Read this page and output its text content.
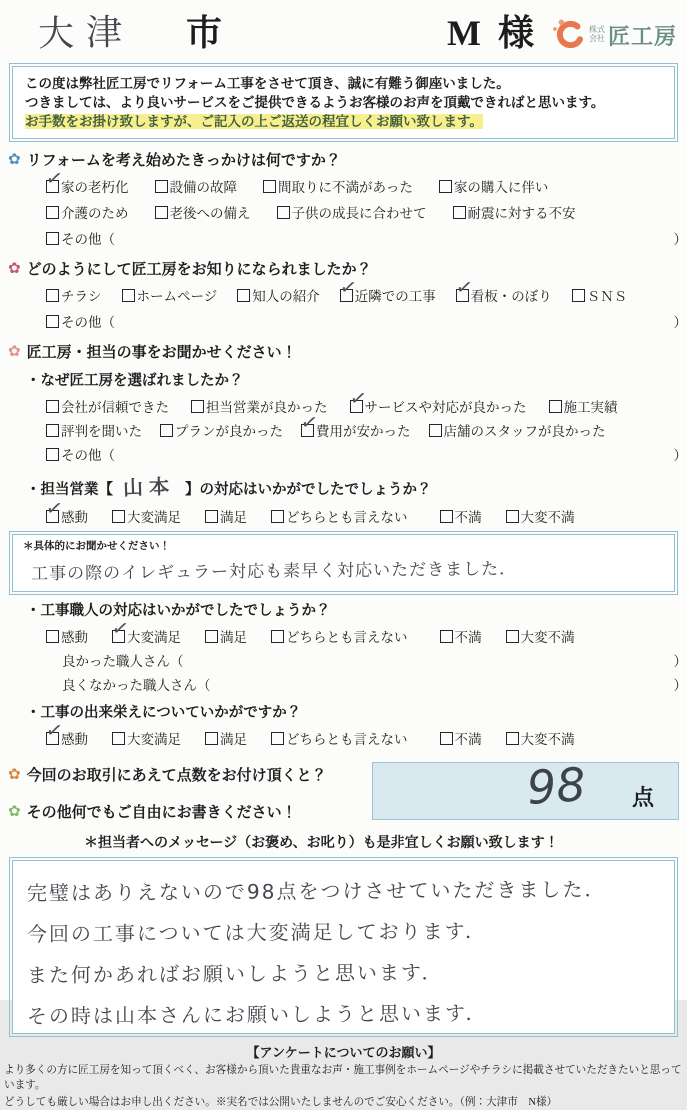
大津 市	M 様	株式
会社 匠工房
この度は弊社匠工房でリフォーム工事をさせて頂き、誠に有難う御座いました。
つきましては、より良いサービスをご提供できるようお客様のお声を頂戴できればと思います。
お手数をお掛け致しますが、ご記入の上ご返送の程宜しくお願い致します。
✿ リフォームを考え始めたきっかけは何ですか？
✓
家の老朽化	設備の故障	間取りに不満があった	家の購入に伴い
介護のため	老後への備え	子供の成長に合わせて	耐震に対する不安
その他（	）
✿ どのようにして匠工房をお知りになられましたか？
チラシ	ホームページ	知人の紹介 ✓
近隣での工事 ✓
看板・のぼり	ＳＮＳ
その他（	）
✿ 匠工房・担当の事をお聞かせください！
・なぜ匠工房を選ばれましたか？
会社が信頼できた	担当営業が良かった ✓
サービスや対応が良かった	施工実績
評判を聞いた プランが良かった ✓
費用が安かった 店舗のスタッフが良かった
その他（	）
・担当営業【 山本 】の対応はいかがでしたでしょうか？
✓
感動	大変満足	満足	どちらとも言えない	不満	大変不満
＊具体的にお聞かせください！
工事の際のイレギュラー対応も素早く対応いただきました．
・工事職人の対応はいかがでしたでしょうか？
感動 ✓
大変満足	満足	どちらとも言えない	不満	大変不満
良かった職人さん（	）
良くなかった職人さん（	）
・工事の出来栄えについていかがですか？
✓
感動	大変満足	満足	どちらとも言えない	不満	大変不満
✿ 今回のお取引にあえて点数をお付け頂くと？
✿ その他何でもご自由にお書きください！	98 点
＊担当者へのメッセージ（お褒め、お叱り）も是非宜しくお願い致します！
完璧はありえないので98点をつけさせていただきました．
今回の工事については大変満足しております．
また何かあればお願いしようと思います．
その時は山本さんにお願いしようと思います．
【アンケートについてのお願い】
より多くの方に匠工房を知って頂くべく、お客様から頂いた貴重なお声・施工事例をホームページやチラシに掲載させていただきたいと思っています。
どうしても厳しい場合はお申し出ください。※実名では公開いたしませんのでご安心ください。（例：大津市　N様）
